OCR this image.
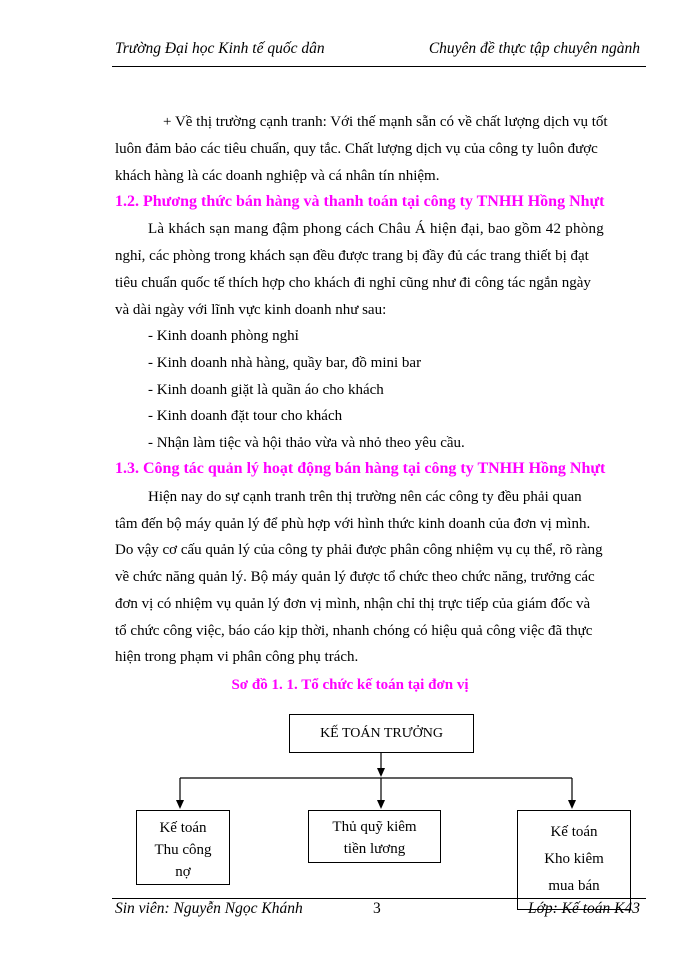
Trường Đại học Kinh tế quốc dân	Chuyên đề thực tập chuyên ngành
+ Về thị trường cạnh tranh: Với thế mạnh sẵn có về chất lượng dịch vụ tốt
luôn đảm bảo các tiêu chuẩn, quy tắc. Chất lượng dịch vụ của công ty luôn được
khách hàng là các doanh nghiệp và cá nhân tín nhiệm.
1.2. Phương thức bán hàng và thanh toán tại công ty TNHH Hồng Nhựt
Là khách sạn mang đậm phong cách Châu Á hiện đại, bao gồm 42 phòng
nghỉ, các phòng trong khách sạn đều được trang bị đầy đủ các trang thiết bị đạt
tiêu chuẩn quốc tế thích hợp cho khách đi nghỉ cũng như đi công tác ngắn ngày
và dài ngày với lĩnh vực kinh doanh như sau:
- Kinh doanh phòng nghỉ
- Kinh doanh nhà hàng, quầy bar, đồ mini bar
- Kinh doanh giặt là quần áo cho khách
- Kinh doanh đặt tour cho khách
- Nhận làm tiệc và hội thảo vừa và nhỏ theo yêu cầu.
1.3. Công tác quản lý hoạt động bán hàng tại công ty TNHH Hồng Nhựt
Hiện nay do sự cạnh tranh trên thị trường nên các công ty đều phải quan
tâm đến bộ máy quản lý để phù hợp với hình thức kinh doanh của đơn vị mình.
Do vậy cơ cấu quản lý của công ty phải được phân công nhiệm vụ cụ thể, rõ ràng
về chức năng quản lý. Bộ máy quản lý được tổ chức theo chức năng, trưởng các
đơn vị có nhiệm vụ quản lý đơn vị mình, nhận chỉ thị trực tiếp của giám đốc và
tổ chức công việc, báo cáo kịp thời, nhanh chóng có hiệu quả công việc đã thực
hiện trong phạm vi phân công phụ trách.
Sơ đồ 1. 1. Tổ chức kế toán tại đơn vị
KẾ TOÁN TRƯỞNG
Kế toán
Thu công
nợ
Thủ quỹ kiêm
tiền lương
Kế toán
Kho kiêm
mua bán
Sin viên: Nguyễn Ngọc Khánh	3	Lớp: Kế toán K43
